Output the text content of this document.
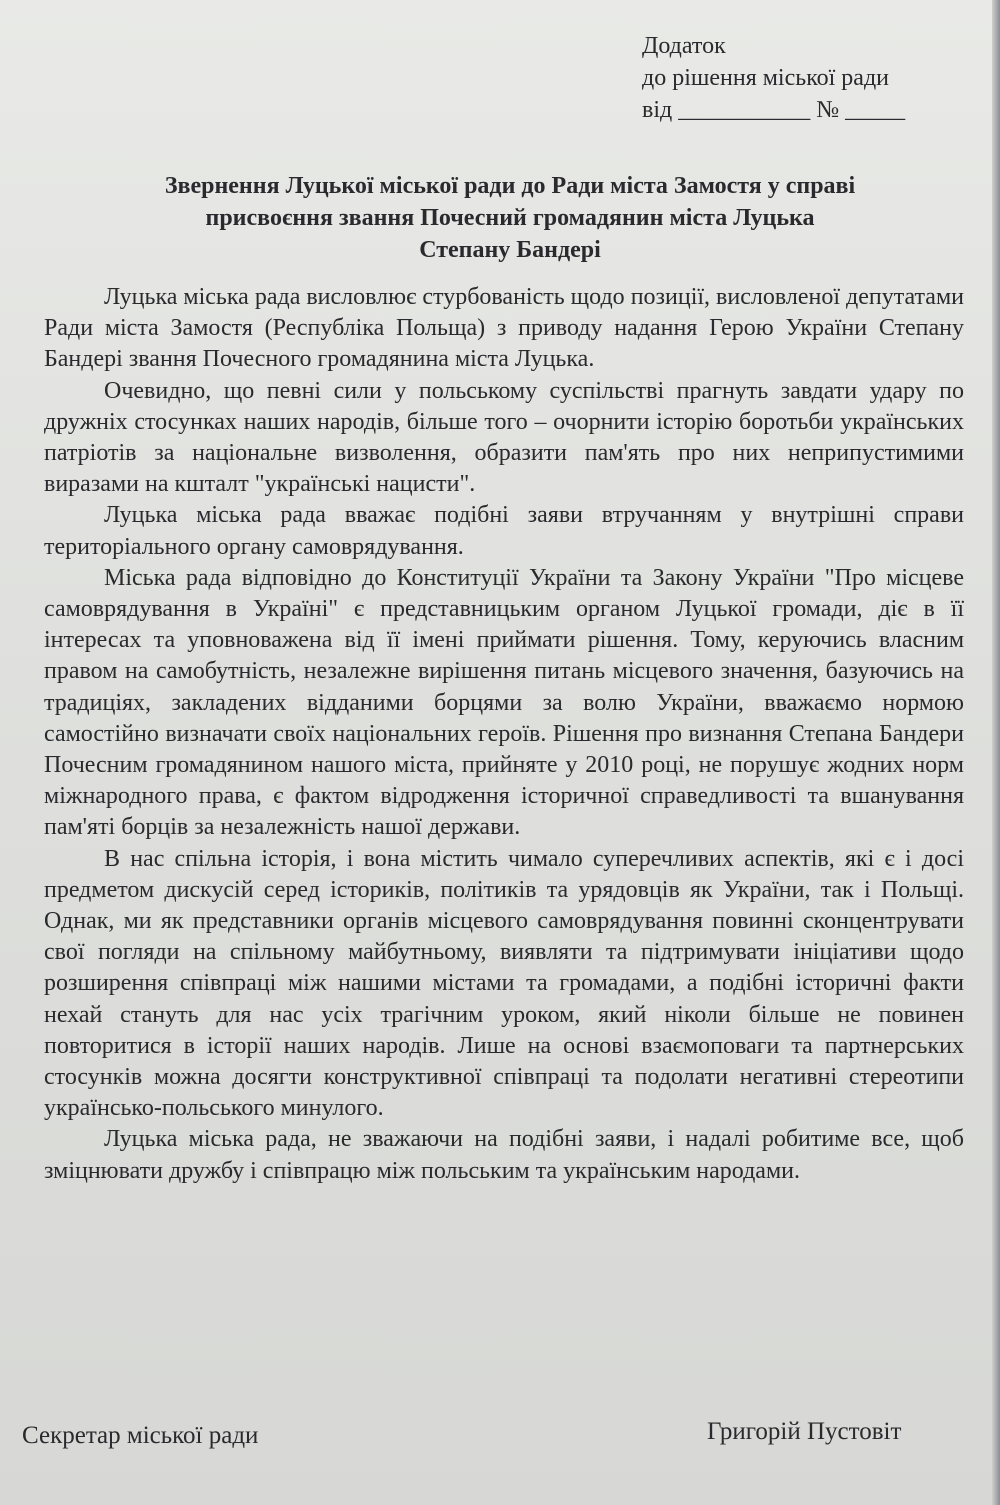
Додаток
до рішення міської ради
від ___________ № _____
Звернення Луцької міської ради до Ради міста Замостя у справі
присвоєння звання Почесний громадянин міста Луцька
Степану Бандері

Луцька міська рада висловлює стурбованість щодо позиції, висловленої депутатами Ради міста Замостя (Республіка Польща) з приводу надання Герою України Степану Бандері звання Почесного громадянина міста Луцька.

Очевидно, що певні сили у польському суспільстві прагнуть завдати удару по дружніх стосунках наших народів, більше того – очорнити історію боротьби українських патріотів за національне визволення, образити пам'ять про них неприпустимими виразами на кшталт "українські нацисти".

Луцька міська рада вважає подібні заяви втручанням у внутрішні справи територіального органу самоврядування.

Міська рада відповідно до Конституції України та Закону України "Про місцеве самоврядування в Україні" є представницьким органом Луцької громади, діє в її інтересах та уповноважена від її імені приймати рішення. Тому, керуючись власним правом на самобутність, незалежне вирішення питань місцевого значення, базуючись на традиціях, закладених відданими борцями за волю України, вважаємо нормою самостійно визначати своїх національних героїв. Рішення про визнання Степана Бандери Почесним громадянином нашого міста, прийняте у 2010 році, не порушує жодних норм міжнародного права, є фактом відродження історичної справедливості та вшанування пам'яті борців за незалежність нашої держави.

В нас спільна історія, і вона містить чимало суперечливих аспектів, які є і досі предметом дискусій серед істориків, політиків та урядовців як України, так і Польщі. Однак, ми як представники органів місцевого самоврядування повинні сконцентрувати свої погляди на спільному майбутньому, виявляти та підтримувати ініціативи щодо розширення співпраці між нашими містами та громадами, а подібні історичні факти нехай стануть для нас усіх трагічним уроком, який ніколи більше не повинен повторитися в історії наших народів. Лише на основі взаємоповаги та партнерських стосунків можна досягти конструктивної співпраці та подолати негативні стереотипи українсько-польського минулого.

Луцька міська рада, не зважаючи на подібні заяви, і надалі робитиме все, щоб зміцнювати дружбу і співпрацю між польським та українським народами.

Секретар міської ради	Григорій Пустовіт
